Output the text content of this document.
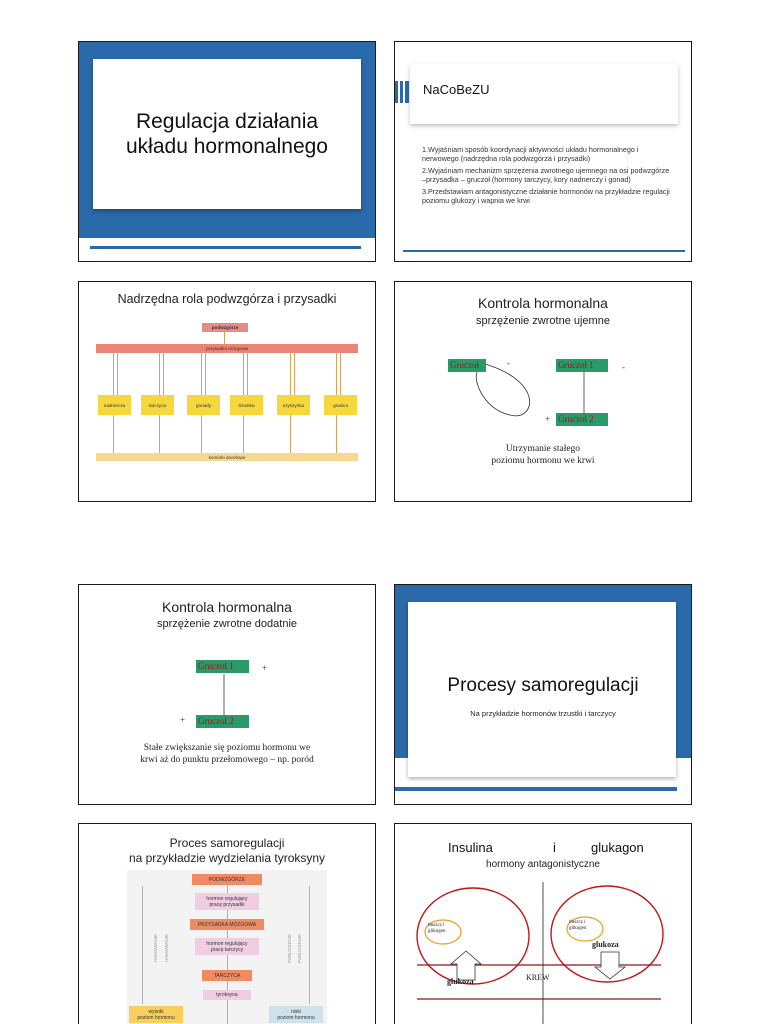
Regulacja działania układu hormonalnego
NaCoBeZU
1.Wyjaśniam sposób koordynacji aktywności układu hormonalnego i nerwowego (nadrzędna rola podwzgórza i przysadki)
2.Wyjaśniam mechanizm sprzężenia zwrotnego ujemnego na osi podwzgórze –przysadka – gruczoł (hormony tarczycy, kory nadnerczy i gonad)
3.Przedstawiam antagonistyczne działanie hormonów na przykładzie regulacji poziomu glukozy i wapnia we krwi
Nadrzędna rola podwzgórza i przysadki
podwzgórze
przysadka mózgowa
nadnercza	tarczyca	gonady	trzustka	szyszynka	grasica
komórki docelowe
Kontrola hormonalna
sprzężenie zwrotne ujemne
Gruczoł	-	Gruczoł 1	-
Gruczoł 2
+
Utrzymanie stałego
poziomu hormonu we krwi
Kontrola hormonalna
sprzężenie zwrotne dodatnie
Gruczoł 1	+
Gruczoł 2
+
Stałe zwiększanie się poziomu hormonu we
krwi aż do punktu przełomowego – np. poród
Procesy samoregulacji
Na przykładzie hormonów trzustki i tarczycy
Proces samoregulacji
na przykładzie wydzielania tyroksyny
HAMOWANIE HAMOWANIE	POBUDZENIE POBUDZENIE
PODWZGÓRZE
hormon regulujący
pracę przysadki
PRZYSADKA MÓZGOWA
hormon regulujący
pracę tarczycy
TARCZYCA
tyroksyna
wysoki
poziom hormonu
niski
poziom hormonu
Insulina	i	glukagon
hormony antagonistyczne
tłuszcz i glikogen
tłuszcz i glikogen
glukoza
glukoza	KREW
